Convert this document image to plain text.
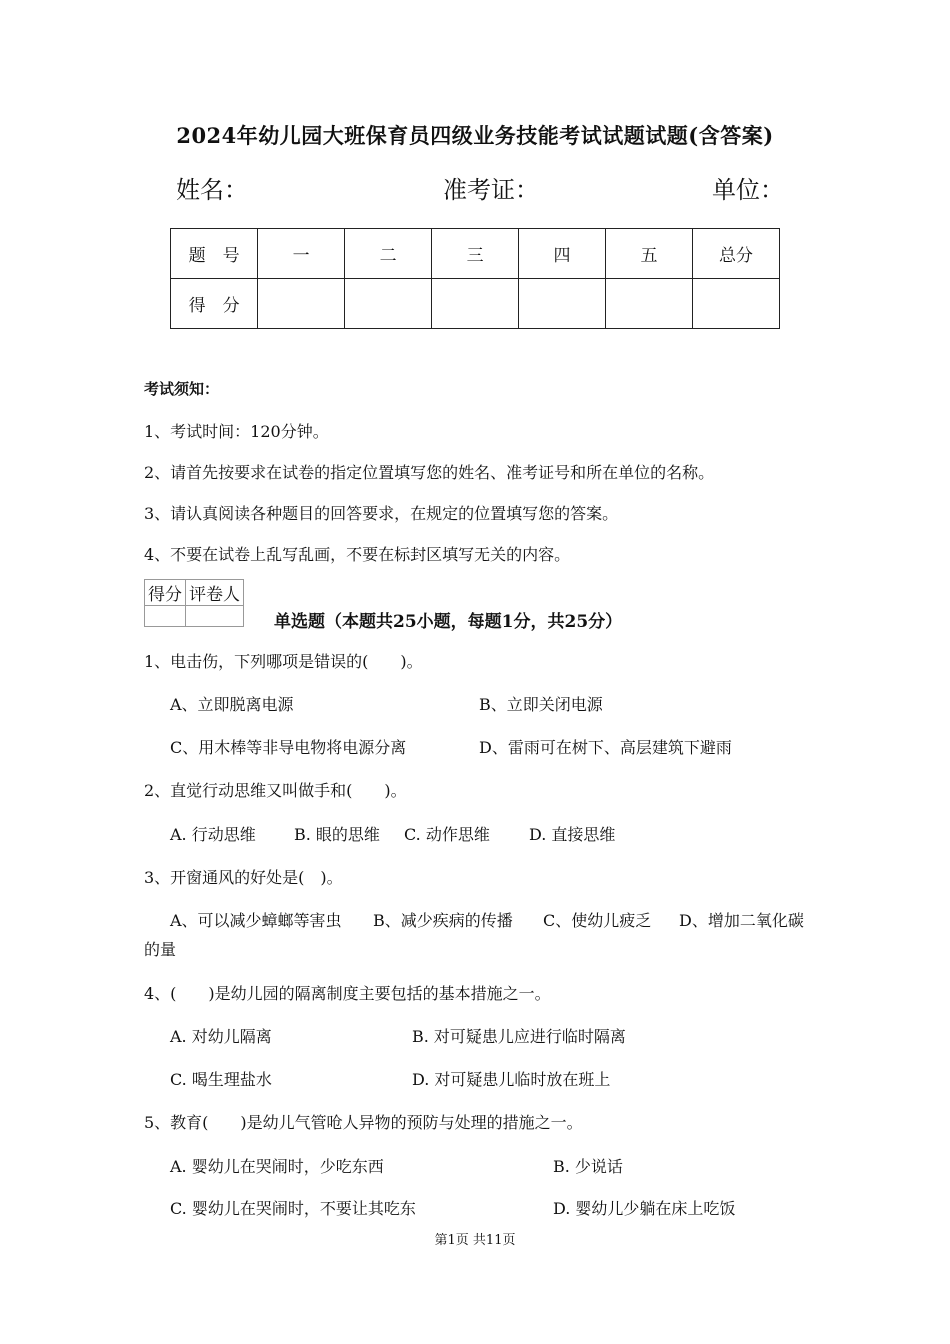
2024年幼儿园大班保育员四级业务技能考试试题试题(含答案)
姓名：	准考证：	单位：
题　号	一	二	三	四	五	总分
得　分						
考试须知：
1、考试时间：120分钟。
2、请首先按要求在试卷的指定位置填写您的姓名、准考证号和所在单位的名称。
3、请认真阅读各种题目的回答要求，在规定的位置填写您的答案。
4、不要在试卷上乱写乱画，不要在标封区填写无关的内容。
得分	评卷人

单选题（本题共25小题，每题1分，共25分）
1、电击伤，下列哪项是错误的(　　)。
A、立即脱离电源	B、立即关闭电源
C、用木棒等非导电物将电源分离	D、雷雨可在树下、高层建筑下避雨
2、直觉行动思维又叫做手和(　　)。
A. 行动思维 B. 眼的思维 C. 动作思维 D. 直接思维
3、开窗通风的好处是(　)。
A、可以减少蟑螂等害虫 B、减少疾病的传播 C、使幼儿疲乏 D、增加二氧化碳
的量
4、(　　)是幼儿园的隔离制度主要包括的基本措施之一。
A. 对幼儿隔离	B. 对可疑患儿应进行临时隔离
C. 喝生理盐水	D. 对可疑患儿临时放在班上
5、教育(　　)是幼儿气管呛人异物的预防与处理的措施之一。
A. 婴幼儿在哭闹时，少吃东西	B. 少说话
C. 婴幼儿在哭闹时，不要让其吃东	D. 婴幼儿少躺在床上吃饭
第1页 共11页
